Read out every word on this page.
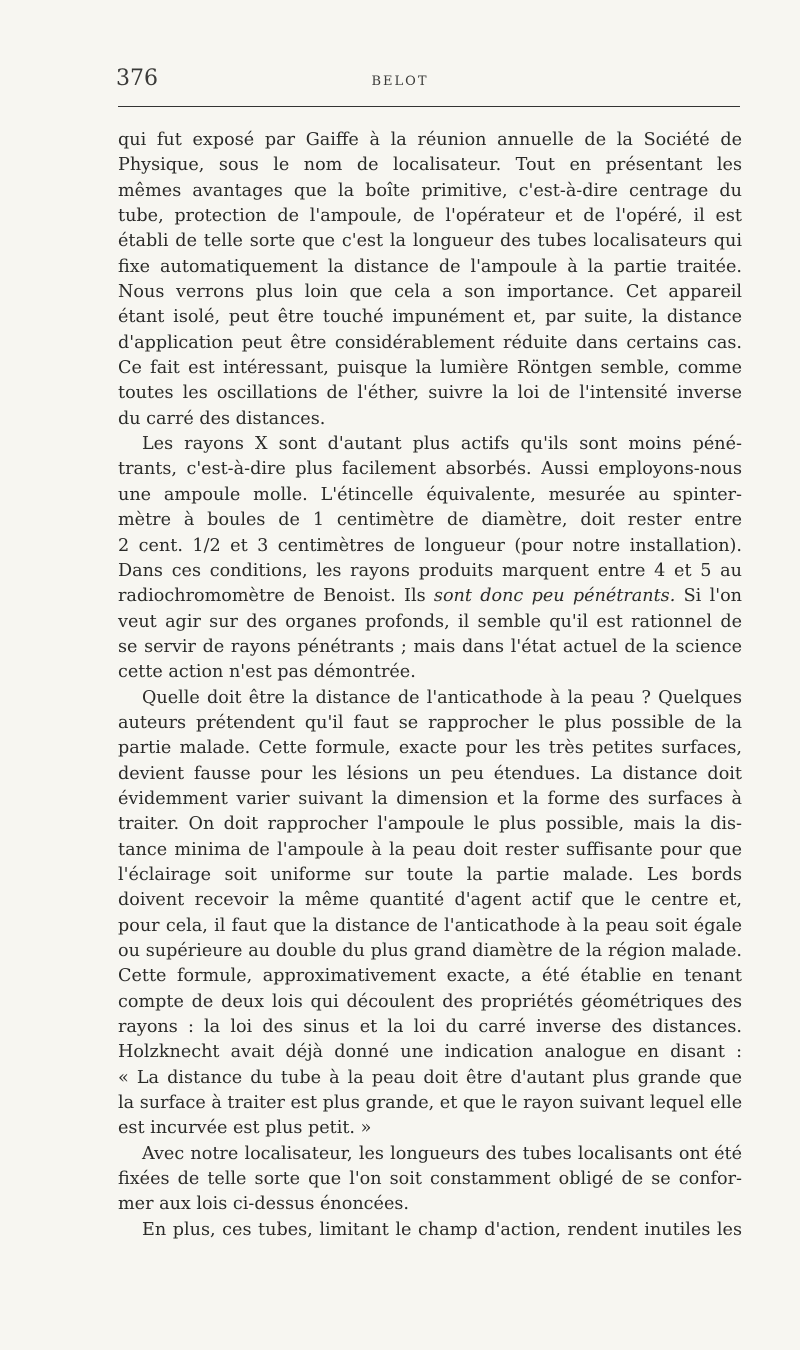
376	BELOT
qui fut exposé par Gaiffe à la réunion annuelle de la Société de
Physique, sous le nom de localisateur. Tout en présentant les
mêmes avantages que la boîte primitive, c'est-à-dire centrage du
tube, protection de l'ampoule, de l'opérateur et de l'opéré, il est
établi de telle sorte que c'est la longueur des tubes localisateurs qui
fixe automatiquement la distance de l'ampoule à la partie traitée.
Nous verrons plus loin que cela a son importance. Cet appareil
étant isolé, peut être touché impunément et, par suite, la distance
d'application peut être considérablement réduite dans certains cas.
Ce fait est intéressant, puisque la lumière Röntgen semble, comme
toutes les oscillations de l'éther, suivre la loi de l'intensité inverse
du carré des distances.
Les rayons X sont d'autant plus actifs qu'ils sont moins péné-
trants, c'est-à-dire plus facilement absorbés. Aussi employons-nous
une ampoule molle. L'étincelle équivalente, mesurée au spinter-
mètre à boules de 1 centimètre de diamètre, doit rester entre
2 cent. 1/2 et 3 centimètres de longueur (pour notre installation).
Dans ces conditions, les rayons produits marquent entre 4 et 5 au
radiochromomètre de Benoist. Ils sont donc peu pénétrants. Si l'on
veut agir sur des organes profonds, il semble qu'il est rationnel de
se servir de rayons pénétrants ; mais dans l'état actuel de la science
cette action n'est pas démontrée.
Quelle doit être la distance de l'anticathode à la peau ? Quelques
auteurs prétendent qu'il faut se rapprocher le plus possible de la
partie malade. Cette formule, exacte pour les très petites surfaces,
devient fausse pour les lésions un peu étendues. La distance doit
évidemment varier suivant la dimension et la forme des surfaces à
traiter. On doit rapprocher l'ampoule le plus possible, mais la dis-
tance minima de l'ampoule à la peau doit rester suffisante pour que
l'éclairage soit uniforme sur toute la partie malade. Les bords
doivent recevoir la même quantité d'agent actif que le centre et,
pour cela, il faut que la distance de l'anticathode à la peau soit égale
ou supérieure au double du plus grand diamètre de la région malade.
Cette formule, approximativement exacte, a été établie en tenant
compte de deux lois qui découlent des propriétés géométriques des
rayons : la loi des sinus et la loi du carré inverse des distances.
Holzknecht avait déjà donné une indication analogue en disant :
« La distance du tube à la peau doit être d'autant plus grande que
la surface à traiter est plus grande, et que le rayon suivant lequel elle
est incurvée est plus petit. »
Avec notre localisateur, les longueurs des tubes localisants ont été
fixées de telle sorte que l'on soit constamment obligé de se confor-
mer aux lois ci-dessus énoncées.
En plus, ces tubes, limitant le champ d'action, rendent inutiles les
